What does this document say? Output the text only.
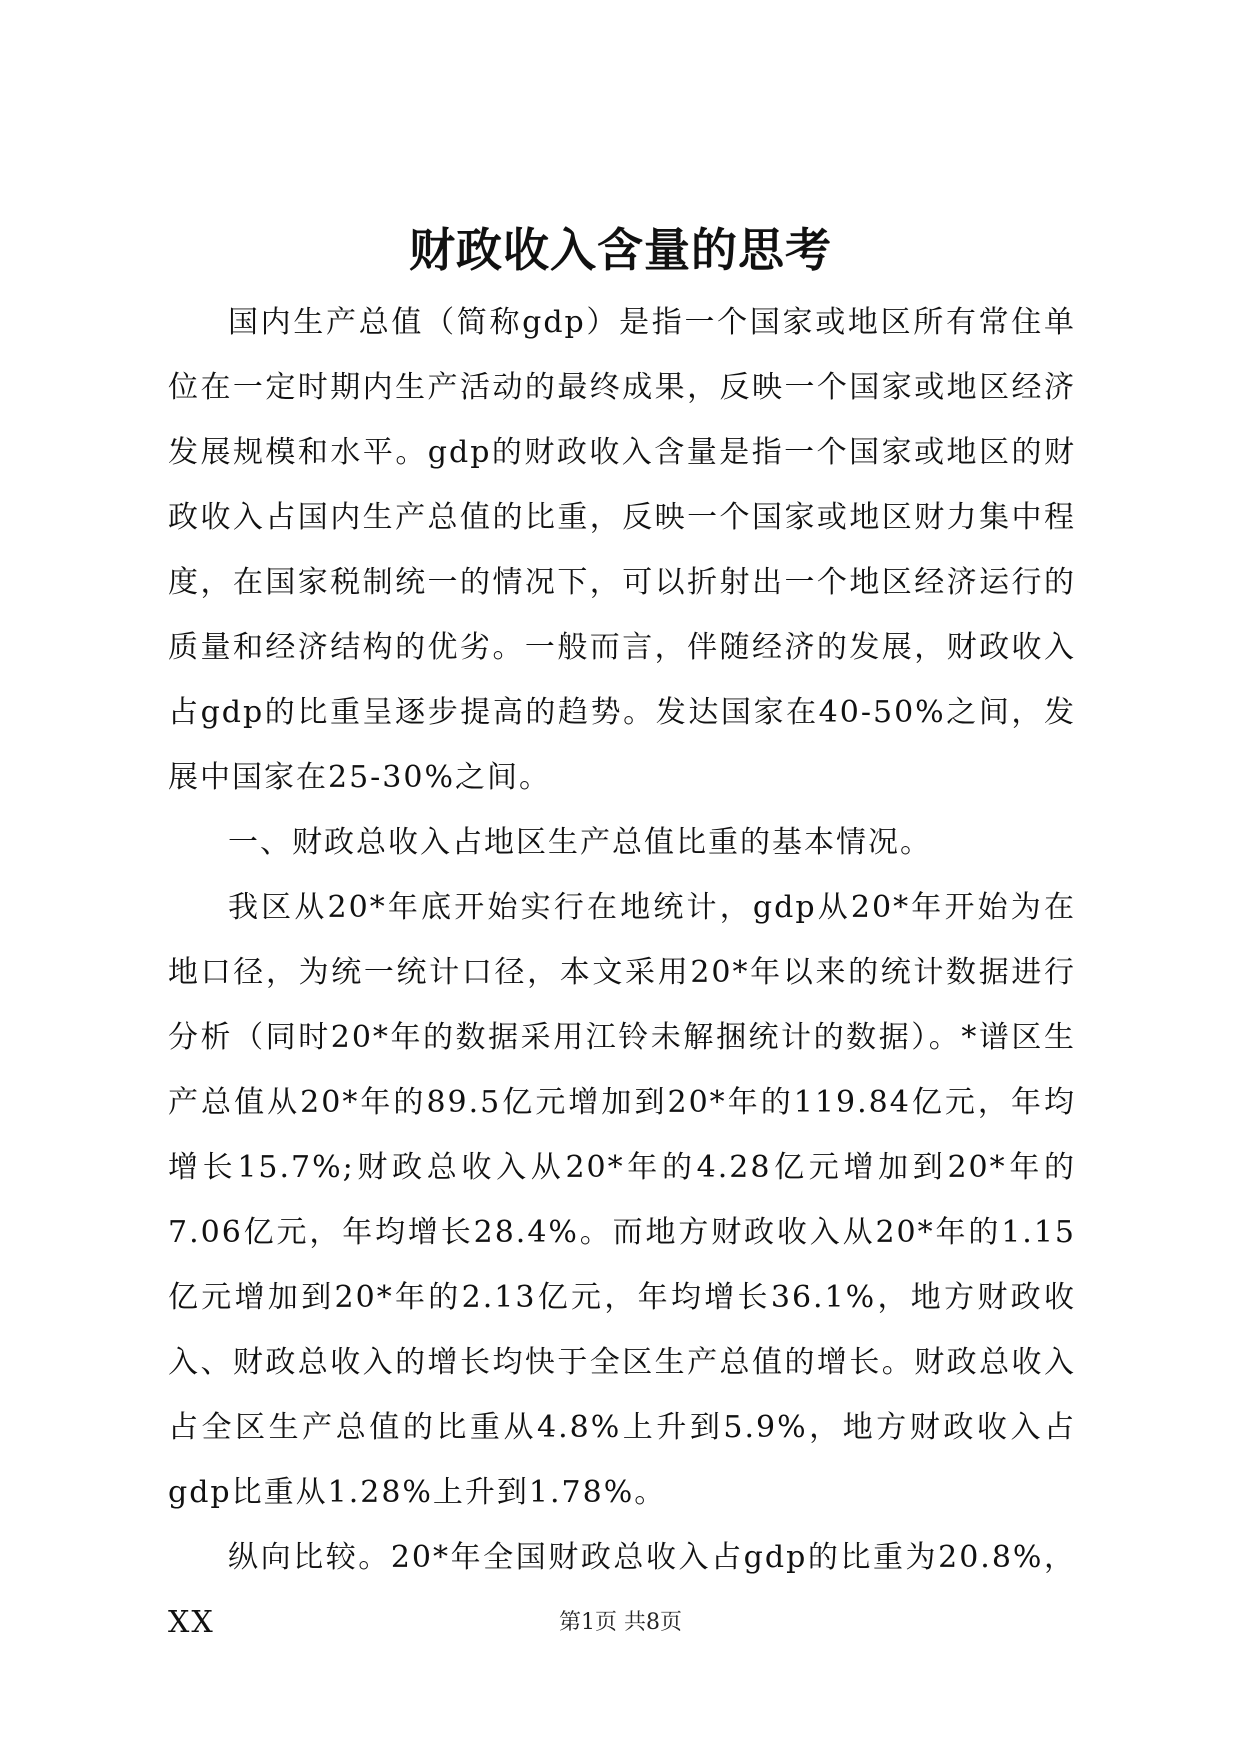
财政收入含量的思考

国内生产总值（简称gdp）是指一个国家或地区所有常住单位在一定时期内生产活动的最终成果，反映一个国家或地区经济发展规模和水平。gdp的财政收入含量是指一个国家或地区的财政收入占国内生产总值的比重，反映一个国家或地区财力集中程度，在国家税制统一的情况下，可以折射出一个地区经济运行的质量和经济结构的优劣。一般而言，伴随经济的发展，财政收入占gdp的比重呈逐步提高的趋势。发达国家在40-50%之间，发展中国家在25-30%之间。

一、财政总收入占地区生产总值比重的基本情况。

我区从20*年底开始实行在地统计，gdp从20*年开始为在地口径，为统一统计口径，本文采用20*年以来的统计数据进行分析（同时20*年的数据采用江铃未解捆统计的数据）。*谱区生产总值从20*年的89.5亿元增加到20*年的119.84亿元，年均增长15.7%;财政总收入从20*年的4.28亿元增加到20*年的7.06亿元，年均增长28.4%。而地方财政收入从20*年的1.15亿元增加到20*年的2.13亿元，年均增长36.1%，地方财政收入、财政总收入的增长均快于全区生产总值的增长。财政总收入占全区生产总值的比重从4.8%上升到5.9%，地方财政收入占gdp比重从1.28%上升到1.78%。

纵向比较。20*年全国财政总收入占gdp的比重为20.8%，XX	第1页 共8页
